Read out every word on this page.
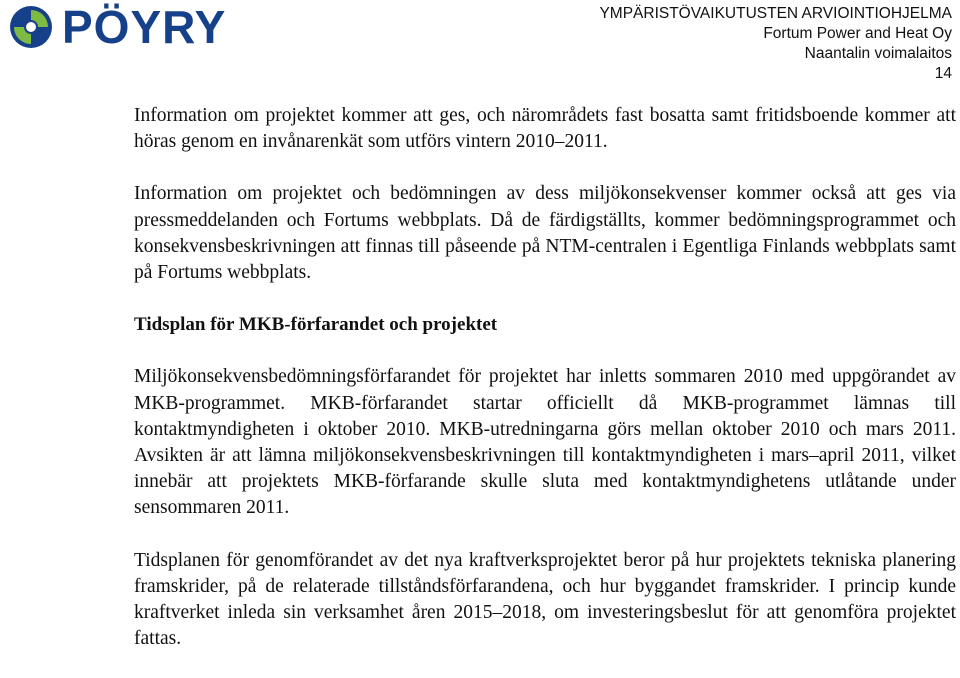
PÖYRY	YMPÄRISTÖVAIKUTUSTEN ARVIOINTIOHJELMA
Fortum Power and Heat Oy
Naantalin voimalaitos
14

Information om projektet kommer att ges, och närområdets fast bosatta samt fritidsboende kommer att höras genom en invånarenkät som utförs vintern 2010–2011.

Information om projektet och bedömningen av dess miljökonsekvenser kommer också att ges via pressmeddelanden och Fortums webbplats. Då de färdigställts, kommer bedömningsprogrammet och konsekvensbeskrivningen att finnas till påseende på NTM-centralen i Egentliga Finlands webbplats samt på Fortums webbplats.

Tidsplan för MKB-förfarandet och projektet

Miljökonsekvensbedömningsförfarandet för projektet har inletts sommaren 2010 med uppgörandet av MKB-programmet. MKB-förfarandet startar officiellt då MKB-programmet lämnas till kontaktmyndigheten i oktober 2010. MKB-utredningarna görs mellan oktober 2010 och mars 2011. Avsikten är att lämna miljökonsekvensbeskrivningen till kontaktmyndigheten i mars–april 2011, vilket innebär att projektets MKB-förfarande skulle sluta med kontaktmyndighetens utlåtande under sensommaren 2011.

Tidsplanen för genomförandet av det nya kraftverksprojektet beror på hur projektets tekniska planering framskrider, på de relaterade tillståndsförfarandena, och hur byggandet framskrider. I princip kunde kraftverket inleda sin verksamhet åren 2015–2018, om investeringsbeslut för att genomföra projektet fattas.
